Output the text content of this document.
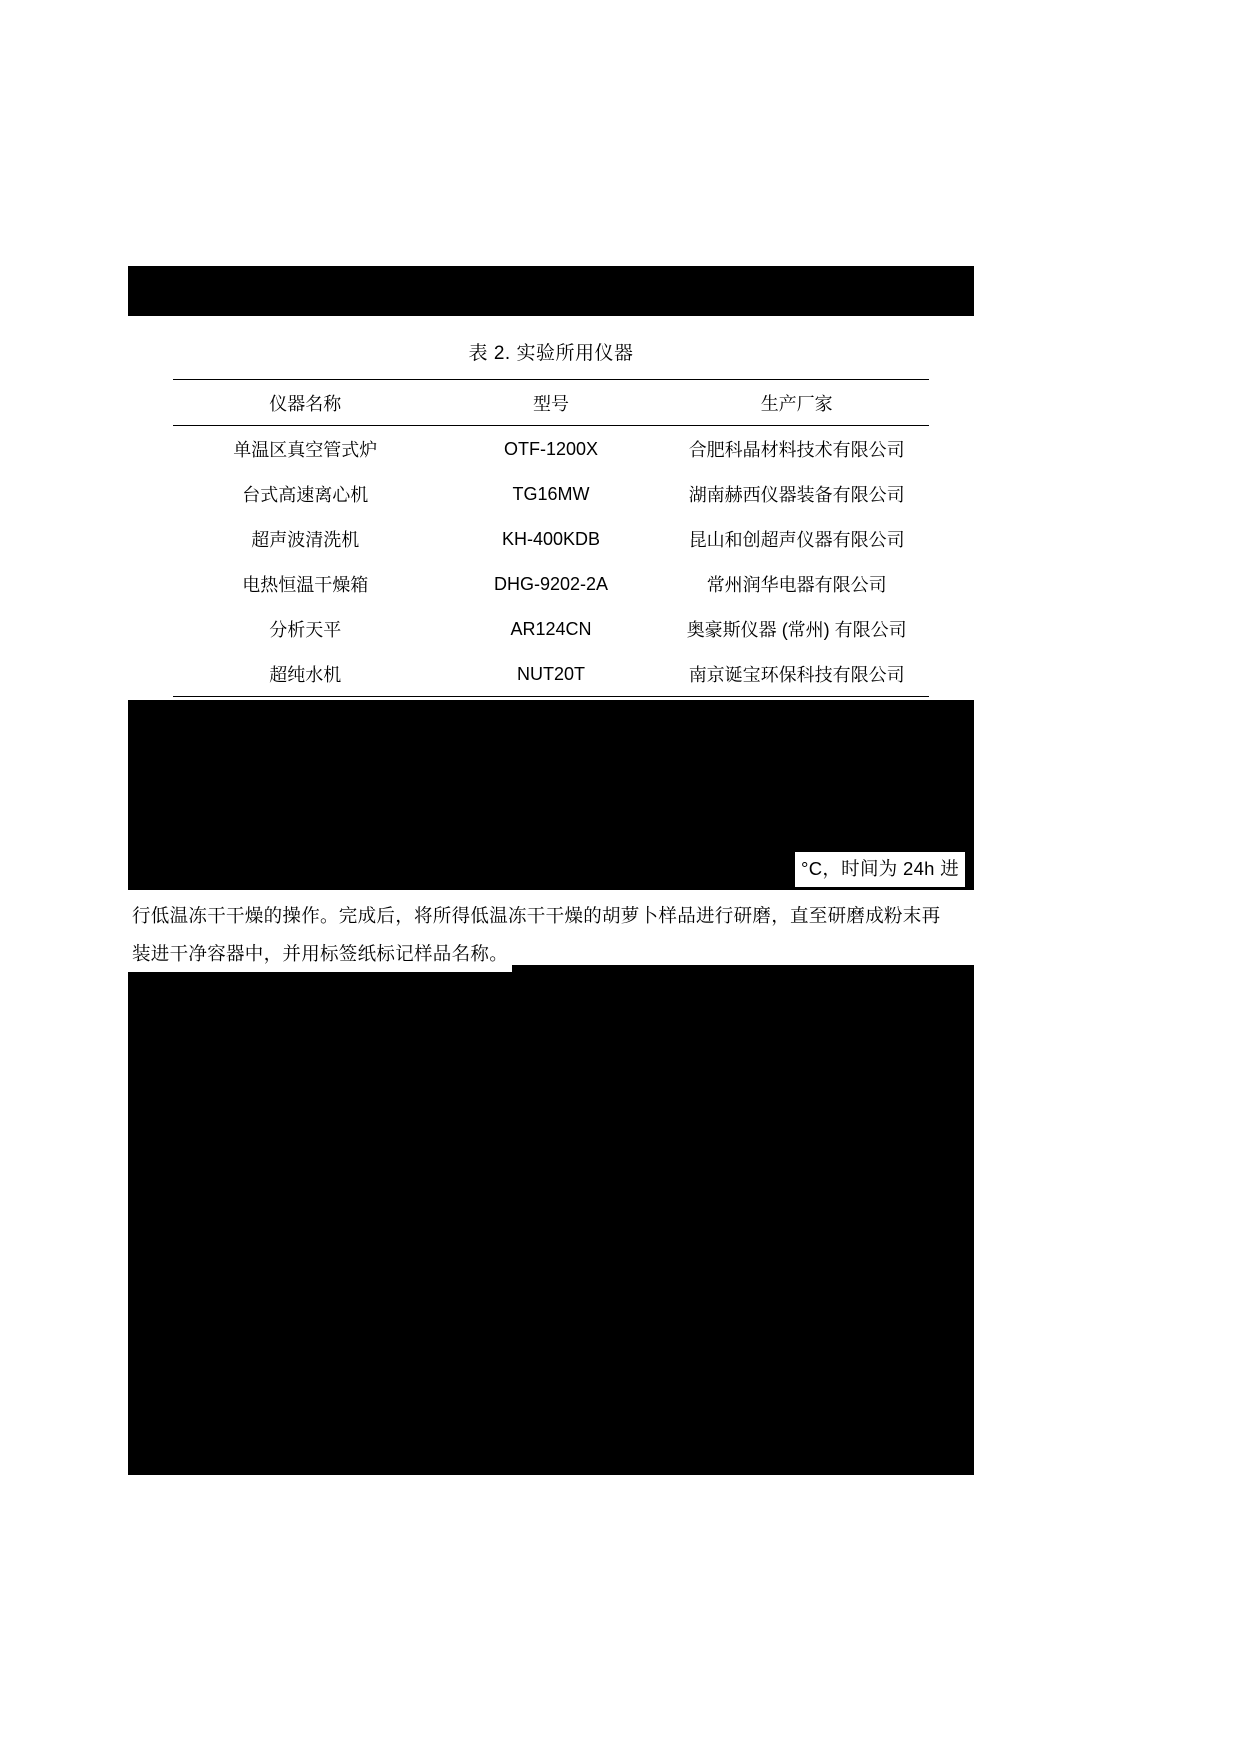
表 2. 实验所用仪器
仪器名称	型号	生产厂家
单温区真空管式炉	OTF-1200X	合肥科晶材料技术有限公司
台式高速离心机	TG16MW	湖南赫西仪器装备有限公司
超声波清洗机	KH-400KDB	昆山和创超声仪器有限公司
电热恒温干燥箱	DHG-9202-2A	常州润华电器有限公司
分析天平	AR124CN	奥豪斯仪器 (常州) 有限公司
超纯水机	NUT20T	南京诞宝环保科技有限公司
°C，时间为 24h 进
行低温冻干干燥的操作。完成后，将所得低温冻干干燥的胡萝卜样品进行研磨，直至研磨成粉末再
装进干净容器中，并用标签纸标记样品名称。
